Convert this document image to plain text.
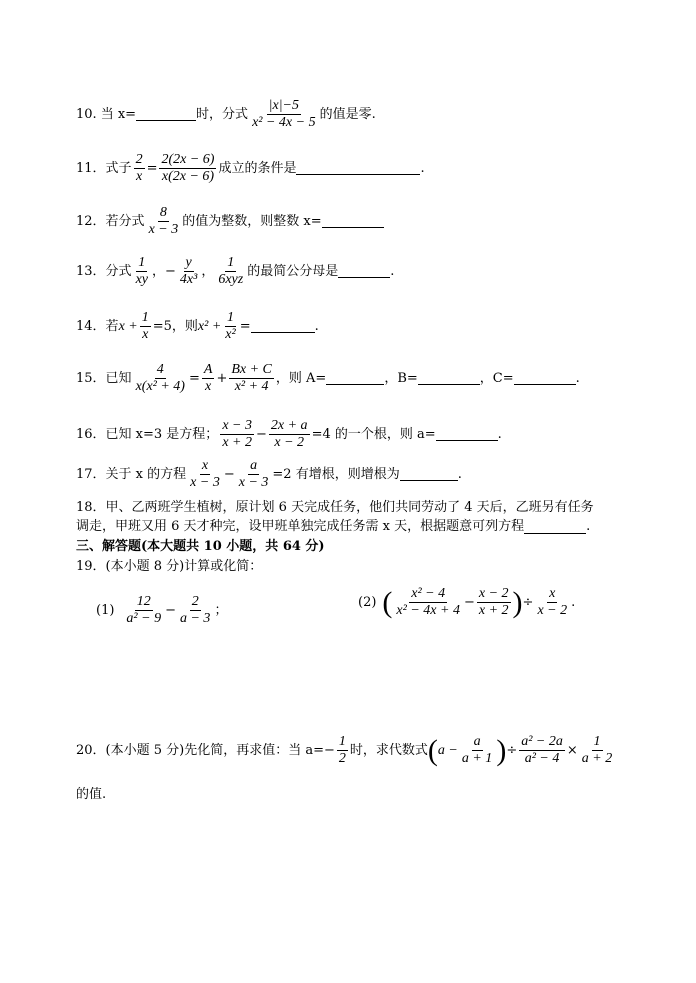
10. 当 x=	时，分式 $\frac{|x|-5}{\text{x² − 4x − 5}}$ 的值是零.
11． 式子 $\frac{2}{x} = \frac{2(2x - 6)}{x(2x - 6)}$ 成立的条件是	.
12． 若分式 $\frac{8}{x - 3}$ 的值为整数，则整数 x=
13． 分式 $\frac{1}{xy}$ ，− $\frac{y}{\text{4x³}}$ ， $\frac{1}{\text{6xyz}}$ 的最简公分母是	.
14． 若 $x + \frac{1}{x} =5$，则 $x^2 + \frac{1}{\text{x²}}$ =	.
15． 已知 $\frac{4}{\text{x(x² + 4)}} = \frac{A}{x} + \frac{Bx + C}{\text{x² + 4}}$ ，则 A=	，B=	，C=	.
16． 已知 x=3 是方程； $\frac{x - 3}{x + 2} - \frac{2x + a}{x - 2} =4$ 的一个根，则 a=	.
17． 关于 x 的方程 $\frac{x}{x - 3} - \frac{a}{x - 3} =2$ 有增根，则增根为	.
18．甲、乙两班学生植树，原计划 6 天完成任务，他们共同劳动了 4 天后，乙班另有任务
调走，甲班又用 6 天才种完，设甲班单独完成任务需 x 天，根据题意可列方程	.
三、解答题(本大题共 10 小题，共 64 分)
19．(本小题 8 分)计算或化简：
$(1) \frac{12}{\text{a² − 9}} - \frac{2}{a - 3}$ ；
(2) ( $\frac{\text{x² − 4}}{\text{x² − 4x + 4}} - \frac{x - 2}{x + 2}$ ) ÷ $\frac{x}{x - 2}$ .
20．(本小题 5 分)先化简，再求值：当 $a=- \frac{1}{2}$ 时，求代数式 ( $a - \frac{a}{a + 1}$ ) ÷ $\frac{\text{a² − 2a}}{\text{a² − 4}} \times \frac{1}{a + 2}$
的值.
